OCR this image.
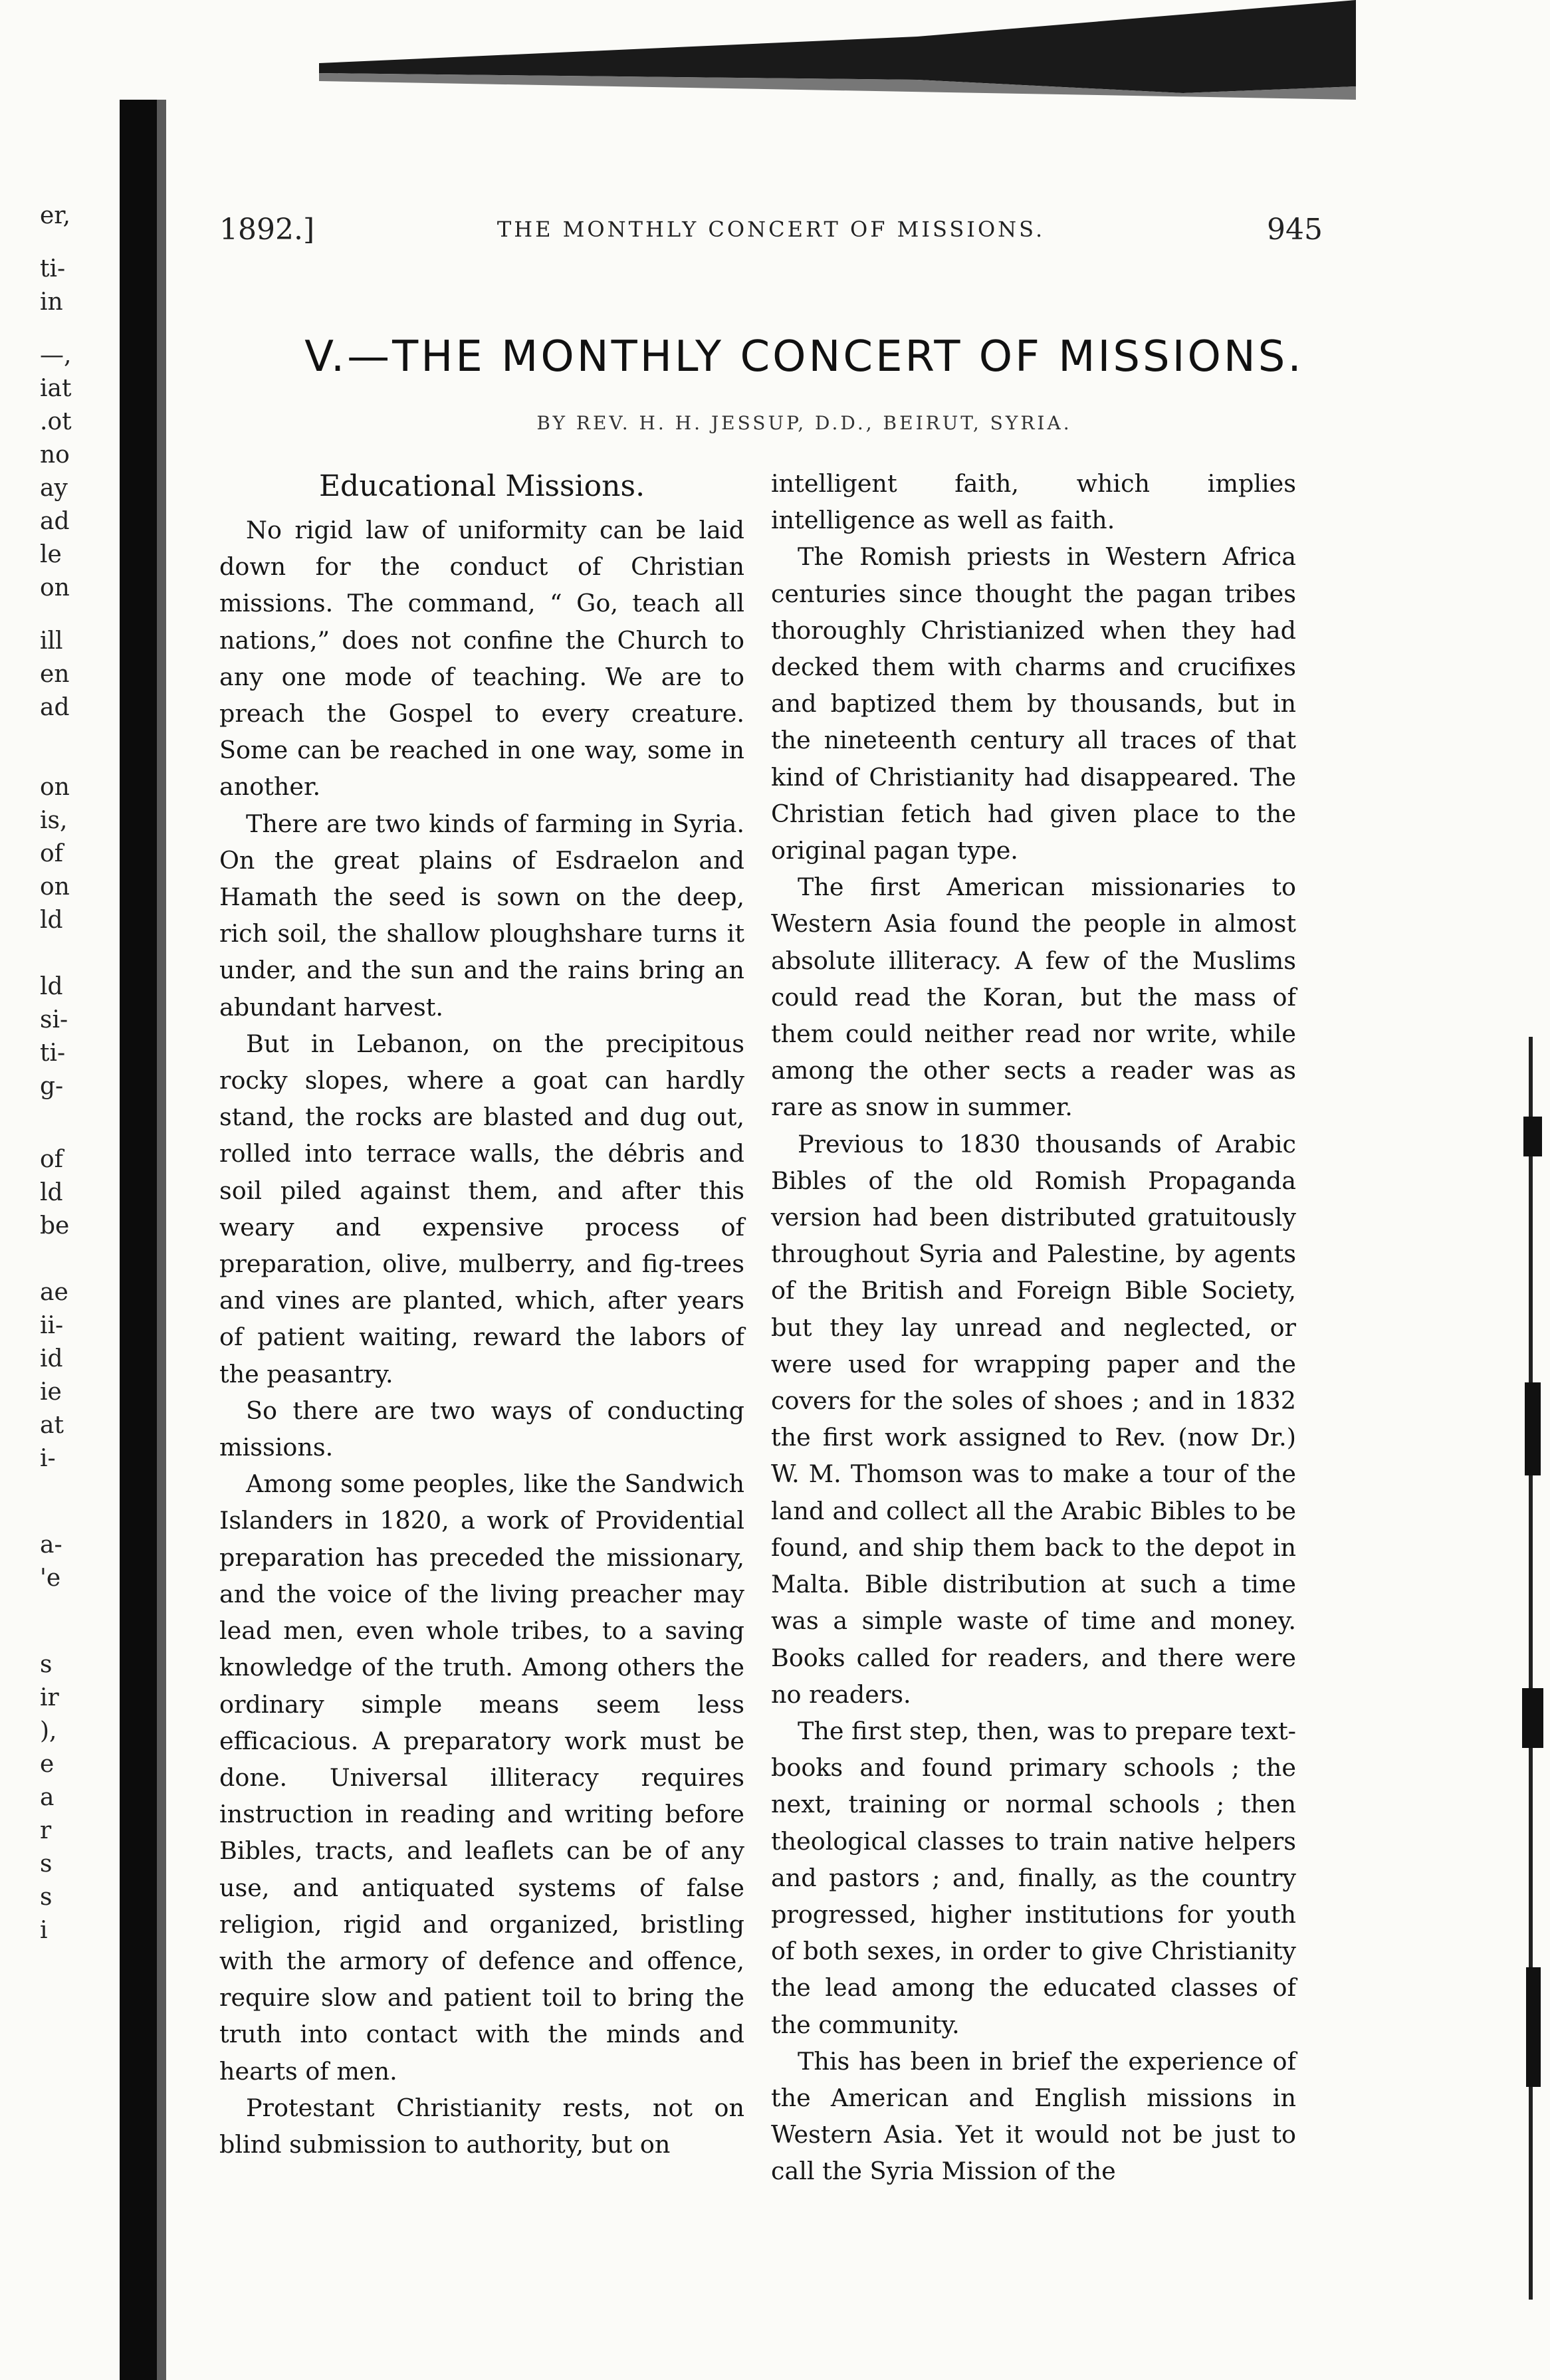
er,
ti-
in
—,
iat
.ot
no
ay
ad
le
on
ill
en
ad
on
is,
of
on
ld
ld
si-
ti-
g-
of
ld
be
ae
ii-
id
ie
at
i-
a-
'e
s
ir
),
e
a
r
s
s
i
1892.]	THE MONTHLY CONCERT OF MISSIONS.	945
V.—THE MONTHLY CONCERT OF MISSIONS.
BY REV. H. H. JESSUP, D.D., BEIRUT, SYRIA.
Educational Missions.

No rigid law of uniformity can be laid down for the conduct of Christian missions. The command, “ Go, teach all nations,” does not confine the Church to any one mode of teaching. We are to preach the Gospel to every creature. Some can be reached in one way, some in another.

There are two kinds of farming in Syria. On the great plains of Esdraelon and Hamath the seed is sown on the deep, rich soil, the shallow ploughshare turns it under, and the sun and the rains bring an abundant harvest.

But in Lebanon, on the precipitous rocky slopes, where a goat can hardly stand, the rocks are blasted and dug out, rolled into terrace walls, the débris and soil piled against them, and after this weary and expensive process of preparation, olive, mulberry, and fig-trees and vines are planted, which, after years of patient waiting, reward the labors of the peasantry.

So there are two ways of conducting missions.

Among some peoples, like the Sandwich Islanders in 1820, a work of Providential preparation has preceded the missionary, and the voice of the living preacher may lead men, even whole tribes, to a saving knowledge of the truth. Among others the ordinary simple means seem less efficacious. A preparatory work must be done. Universal illiteracy requires instruction in reading and writing before Bibles, tracts, and leaflets can be of any use, and antiquated systems of false religion, rigid and organized, bristling with the armory of defence and offence, require slow and patient toil to bring the truth into contact with the minds and hearts of men.

Protestant Christianity rests, not on blind submission to authority, but on

intelligent faith, which implies intelligence as well as faith.

The Romish priests in Western Africa centuries since thought the pagan tribes thoroughly Christianized when they had decked them with charms and crucifixes and baptized them by thousands, but in the nineteenth century all traces of that kind of Christianity had disappeared. The Christian fetich had given place to the original pagan type.

The first American missionaries to Western Asia found the people in almost absolute illiteracy. A few of the Muslims could read the Koran, but the mass of them could neither read nor write, while among the other sects a reader was as rare as snow in summer.

Previous to 1830 thousands of Arabic Bibles of the old Romish Propaganda version had been distributed gratuitously throughout Syria and Palestine, by agents of the British and Foreign Bible Society, but they lay unread and neglected, or were used for wrapping paper and the covers for the soles of shoes ; and in 1832 the first work assigned to Rev. (now Dr.) W. M. Thomson was to make a tour of the land and collect all the Arabic Bibles to be found, and ship them back to the depot in Malta. Bible distribution at such a time was a simple waste of time and money. Books called for readers, and there were no readers.

The first step, then, was to prepare text-books and found primary schools ; the next, training or normal schools ; then theological classes to train native helpers and pastors ; and, finally, as the country progressed, higher institutions for youth of both sexes, in order to give Christianity the lead among the educated classes of the community.

This has been in brief the experience of the American and English missions in Western Asia. Yet it would not be just to call the Syria Mission of the
